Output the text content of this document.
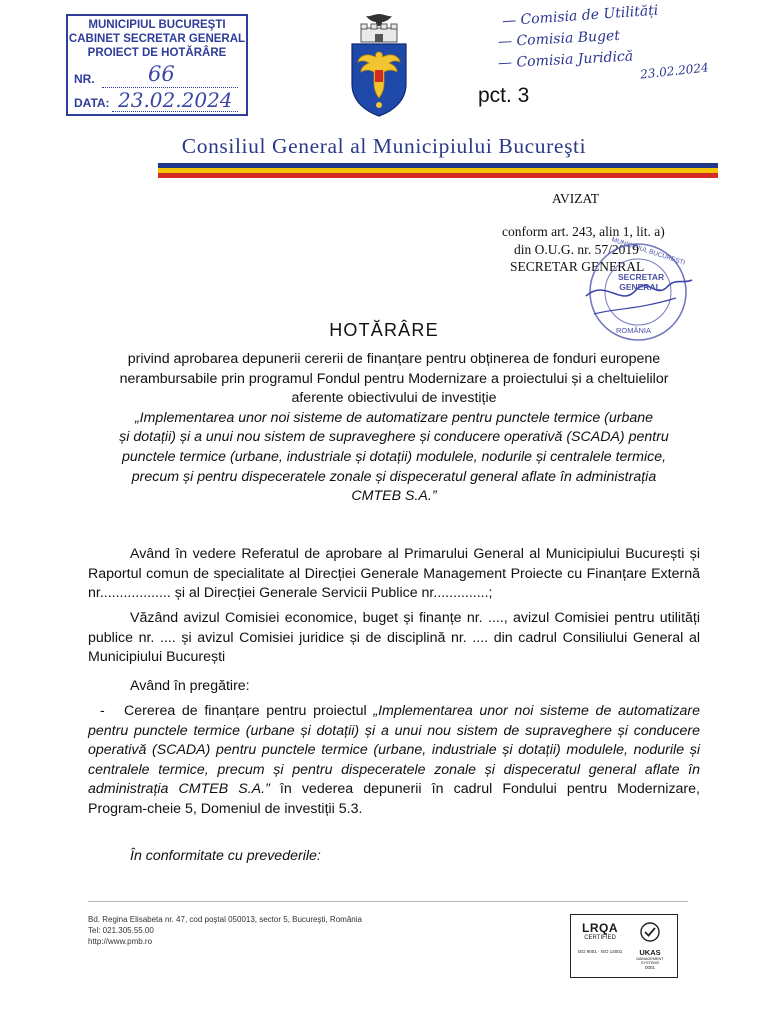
MUNICIPIUL BUCUREŞTI
CABINET SECRETAR GENERAL
PROIECT DE HOTĂRÂRE
NR.	66
DATA: 23.02.2024
— Comisia de Utilități
— Comisia Buget
— Comisia Juridică 23.02.2024
pct. 3
Consiliul General al Municipiului Bucureşti
AVIZAT
conform art. 243, alin 1, lit. a)
din O.U.G. nr. 57/2019
SECRETAR GENERAL
SECRETAR
GENERAL
MUNICIPIUL BUCUREŞTI
ROMÂNIA
HOTĂRÂRE
privind aprobarea depunerii cererii de finanțare pentru obținerea de fonduri europene
nerambursabile prin programul Fondul pentru Modernizare a proiectului și a cheltuielilor
aferente obiectivului de investiție
„Implementarea unor noi sisteme de automatizare pentru punctele termice (urbane
și dotații) și a unui nou sistem de supraveghere și conducere operativă (SCADA) pentru
punctele termice (urbane, industriale și dotații) modulele, nodurile și centralele termice,
precum și pentru dispeceratele zonale și dispeceratul general aflate în administrația
CMTEB S.A.”
Având în vedere Referatul de aprobare al Primarului General al Municipiului București și Raportul comun de specialitate al Direcției Generale Management Proiecte cu Finanțare Externă nr.................. și al Direcției Generale Servicii Publice nr..............;
Văzând avizul Comisiei economice, buget și finanțe nr. ...., avizul Comisiei pentru utilități publice nr. .... și avizul Comisiei juridice și de disciplină nr. .... din cadrul Consiliului General al Municipiului București
Având în pregătire:
- Cererea de finanțare pentru proiectul „Implementarea unor noi sisteme de automatizare pentru punctele termice (urbane și dotații) și a unui nou sistem de supraveghere și conducere operativă (SCADA) pentru punctele termice (urbane, industriale și dotații) modulele, nodurile și centralele termice, precum și pentru dispeceratele zonale și dispeceratul general aflate în administrația CMTEB S.A.” în vederea depunerii în cadrul Fondului pentru Modernizare, Program-cheie 5, Domeniul de investiții 5.3.
În conformitate cu prevederile:
Bd. Regina Elisabeta nr. 47, cod poştal 050013, sector 5, Bucureşti, România
Tel: 021.305.55.00
http://www.pmb.ro
LRQA
CERTIFIED
ISO 9001 · ISO 14001	UKAS
MANAGEMENT SYSTEMS
0001
